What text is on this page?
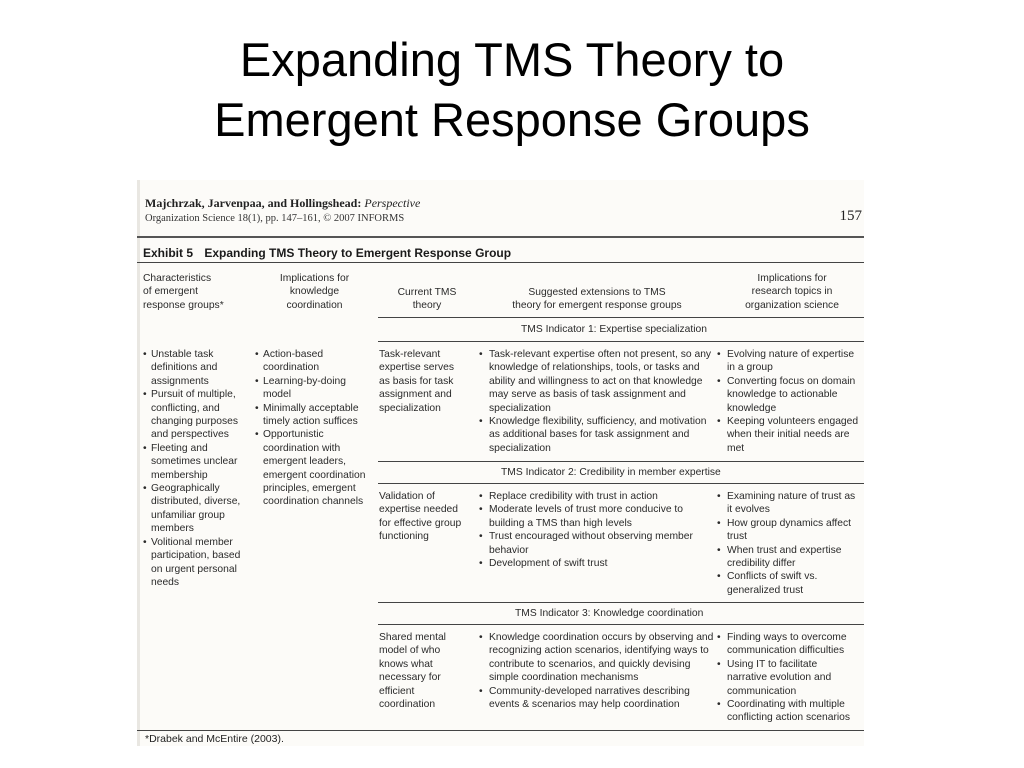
Expanding TMS Theory to
Emergent Response Groups
Majchrzak, Jarvenpaa, and Hollingshead: Perspective
Organization Science 18(1), pp. 147–161, © 2007 INFORMS	157
Exhibit 5 Expanding TMS Theory to Emergent Response Group
Characteristics
of emergent
response groups*
Implications for
knowledge
coordination
Current TMS
theory
Suggested extensions to TMS
theory for emergent response groups
Implications for
research topics in
organization science
TMS Indicator 1: Expertise specialization
• Unstable task definitions and assignments
• Pursuit of multiple, conflicting, and changing purposes and perspectives
• Fleeting and sometimes unclear membership
• Geographically distributed, diverse, unfamiliar group members
• Volitional member participation, based on urgent personal needs
• Action-based coordination
• Learning-by-doing model
• Minimally acceptable timely action suffices
• Opportunistic coordination with emergent leaders, emergent coordination principles, emergent coordination channels
Task-relevant expertise serves as basis for task assignment and specialization
• Task-relevant expertise often not present, so any knowledge of relationships, tools, or tasks and ability and willingness to act on that knowledge may serve as basis of task assignment and specialization
• Knowledge flexibility, sufficiency, and motivation as additional bases for task assignment and specialization
• Evolving nature of expertise in a group
• Converting focus on domain knowledge to actionable knowledge
• Keeping volunteers engaged when their initial needs are met
TMS Indicator 2: Credibility in member expertise
Validation of expertise needed for effective group functioning
• Replace credibility with trust in action
• Moderate levels of trust more conducive to building a TMS than high levels
• Trust encouraged without observing member behavior
• Development of swift trust
• Examining nature of trust as it evolves
• How group dynamics affect trust
• When trust and expertise credibility differ
• Conflicts of swift vs. generalized trust
TMS Indicator 3: Knowledge coordination
Shared mental model of who knows what necessary for efficient coordination
• Knowledge coordination occurs by observing and recognizing action scenarios, identifying ways to contribute to scenarios, and quickly devising simple coordination mechanisms
• Community-developed narratives describing events & scenarios may help coordination
• Finding ways to overcome communication difficulties
• Using IT to facilitate narrative evolution and communication
• Coordinating with multiple conflicting action scenarios
*Drabek and McEntire (2003).
